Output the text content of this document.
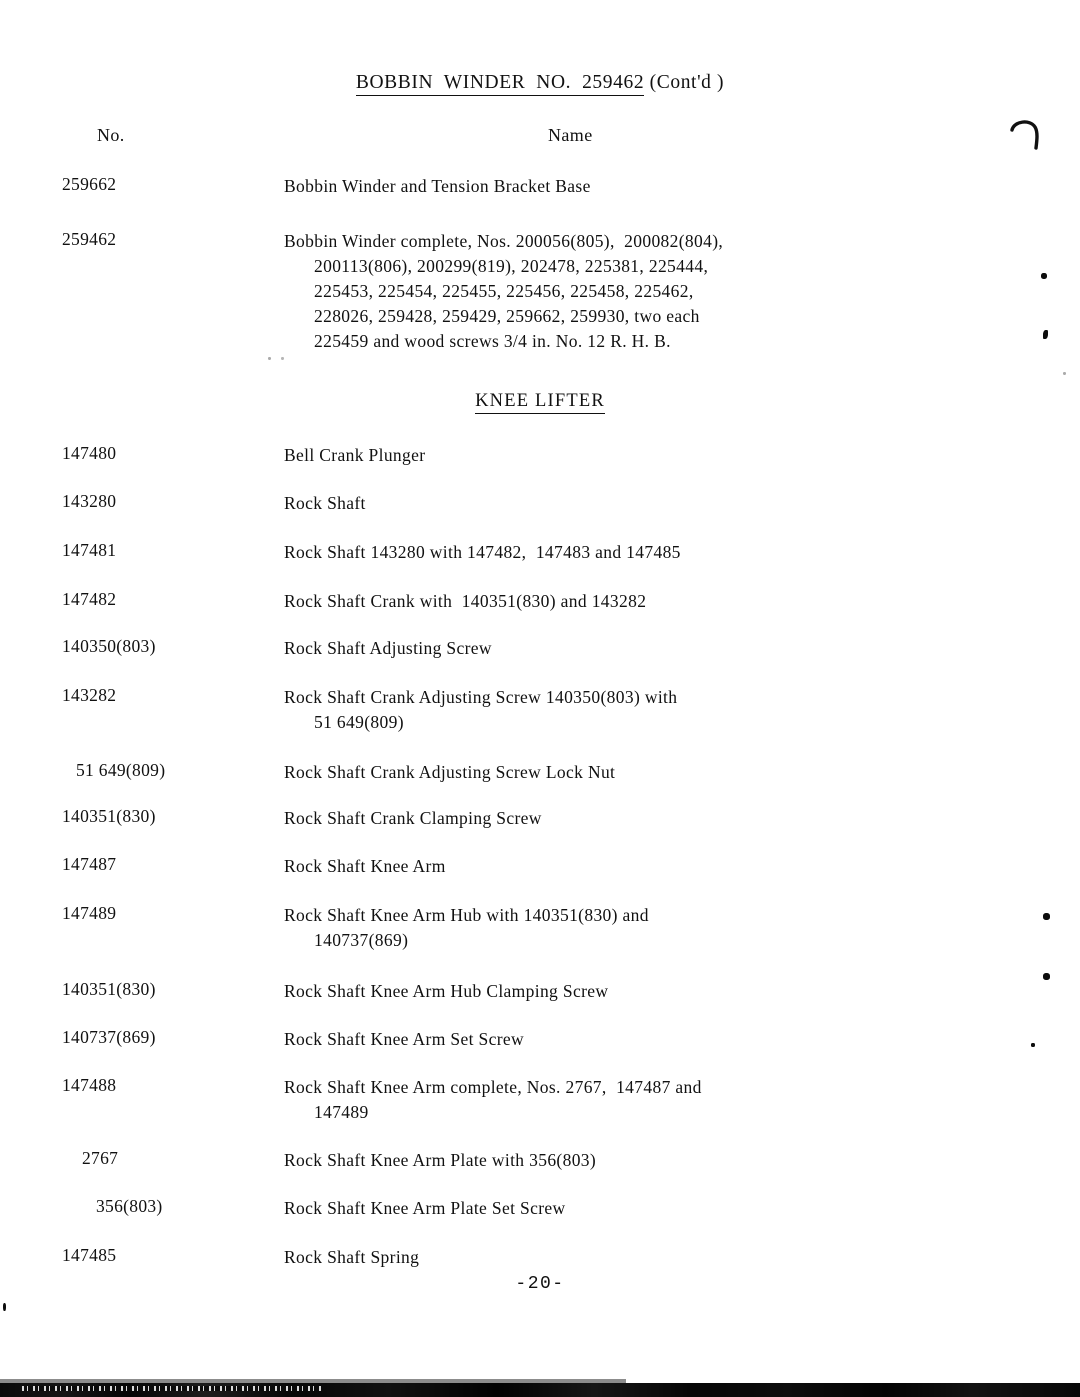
BOBBIN  WINDER  NO.  259462 (Cont'd )
No.	Name
KNEE LIFTER
259662	Bobbin Winder and Tension Bracket Base
259462	Bobbin Winder complete, Nos. 200056(805),  200082(804),
200113(806), 200299(819), 202478, 225381, 225444,
225453, 225454, 225455, 225456, 225458, 225462,
228026, 259428, 259429, 259662, 259930, two each
225459 and wood screws 3/4 in. No. 12 R. H. B.
147480	Bell Crank Plunger
143280	Rock Shaft
147481	Rock Shaft 143280 with 147482,  147483 and 147485
147482	Rock Shaft Crank with  140351(830) and 143282
140350(803)	Rock Shaft Adjusting Screw
143282	Rock Shaft Crank Adjusting Screw 140350(803) with
51 649(809)
51 649(809)	Rock Shaft Crank Adjusting Screw Lock Nut
140351(830)	Rock Shaft Crank Clamping Screw
147487	Rock Shaft Knee Arm
147489	Rock Shaft Knee Arm Hub with 140351(830) and
140737(869)
140351(830)	Rock Shaft Knee Arm Hub Clamping Screw
140737(869)	Rock Shaft Knee Arm Set Screw
147488	Rock Shaft Knee Arm complete, Nos. 2767,  147487 and
147489
2767	Rock Shaft Knee Arm Plate with 356(803)
356(803)	Rock Shaft Knee Arm Plate Set Screw
147485	Rock Shaft Spring
-20-
